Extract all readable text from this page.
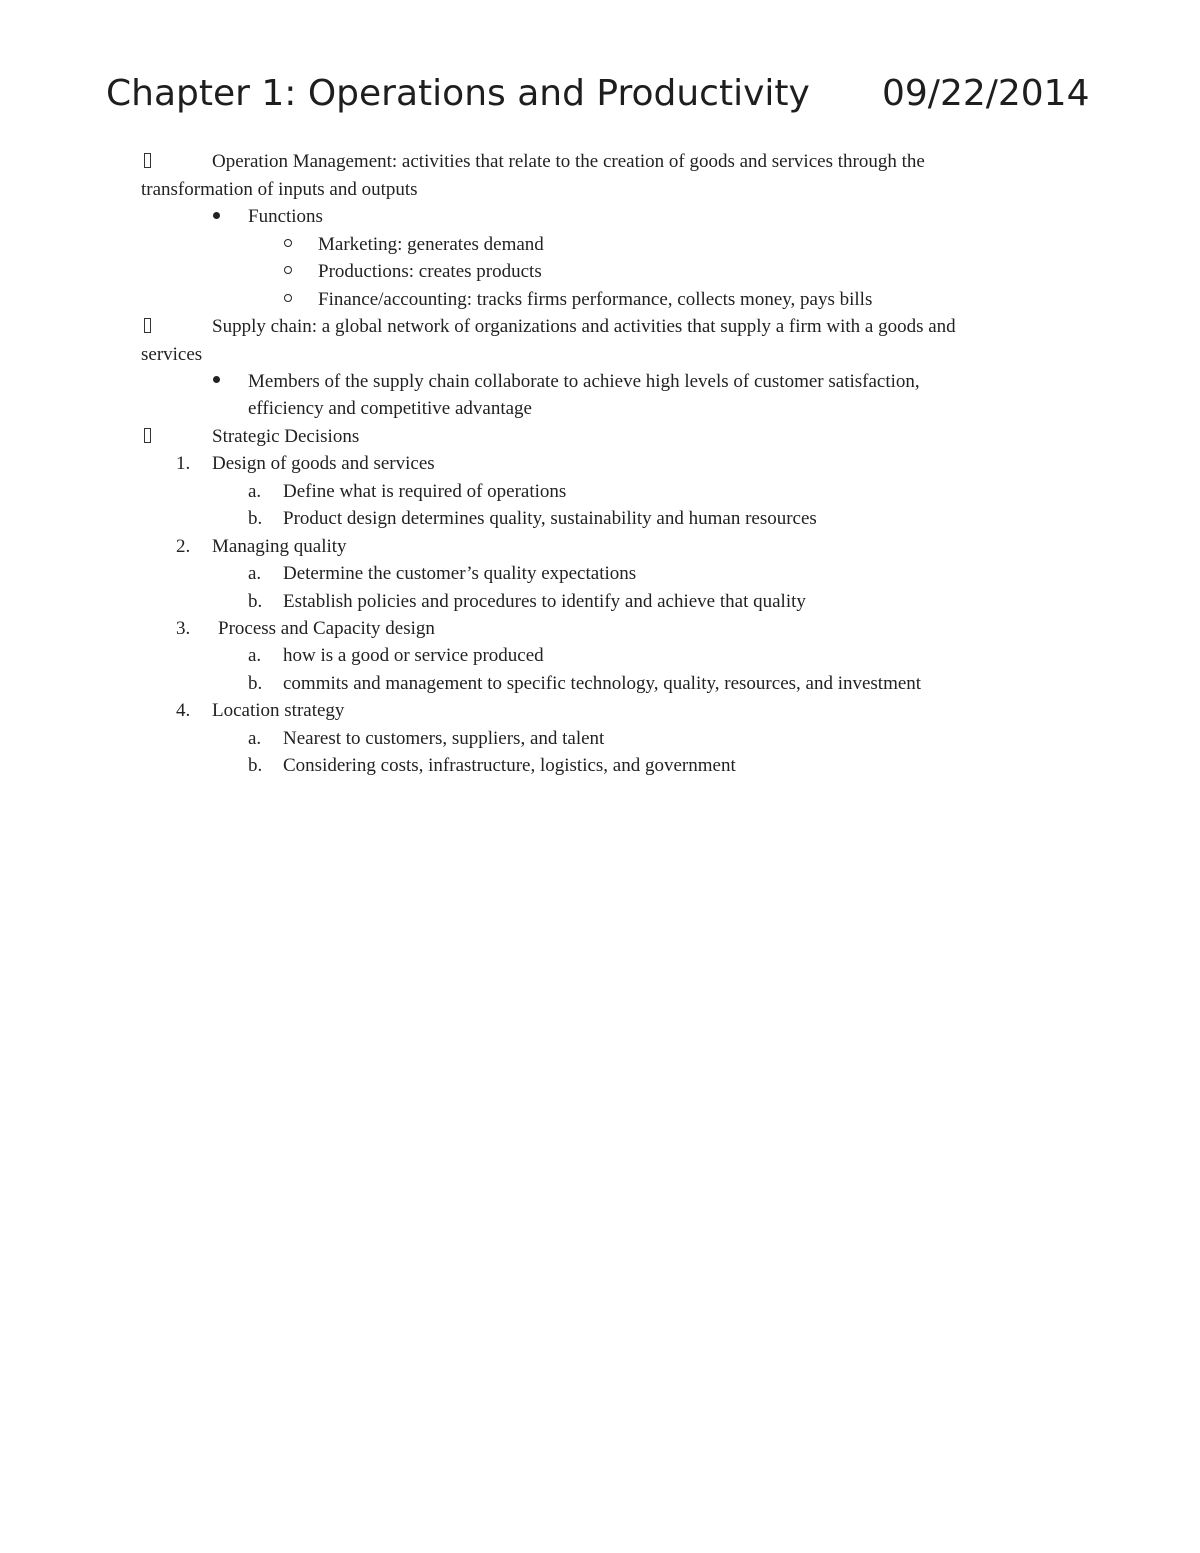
Chapter 1: Operations and Productivity 09/22/2014
Operation Management: activities that relate to the creation of goods and services through the
transformation of inputs and outputs
Functions
Marketing: generates demand
Productions: creates products
Finance/accounting: tracks firms performance, collects money, pays bills
Supply chain: a global network of organizations and activities that supply a firm with a goods and
services
Members of the supply chain collaborate to achieve high levels of customer satisfaction,
efficiency and competitive advantage
Strategic Decisions
1. Design of goods and services
a. Define what is required of operations
b. Product design determines quality, sustainability and human resources
2. Managing quality
a. Determine the customer’s quality expectations
b. Establish policies and procedures to identify and achieve that quality
3. Process and Capacity design
a. how is a good or service produced
b. commits and management to specific technology, quality, resources, and investment
4. Location strategy
a. Nearest to customers, suppliers, and talent
b. Considering costs, infrastructure, logistics, and government
